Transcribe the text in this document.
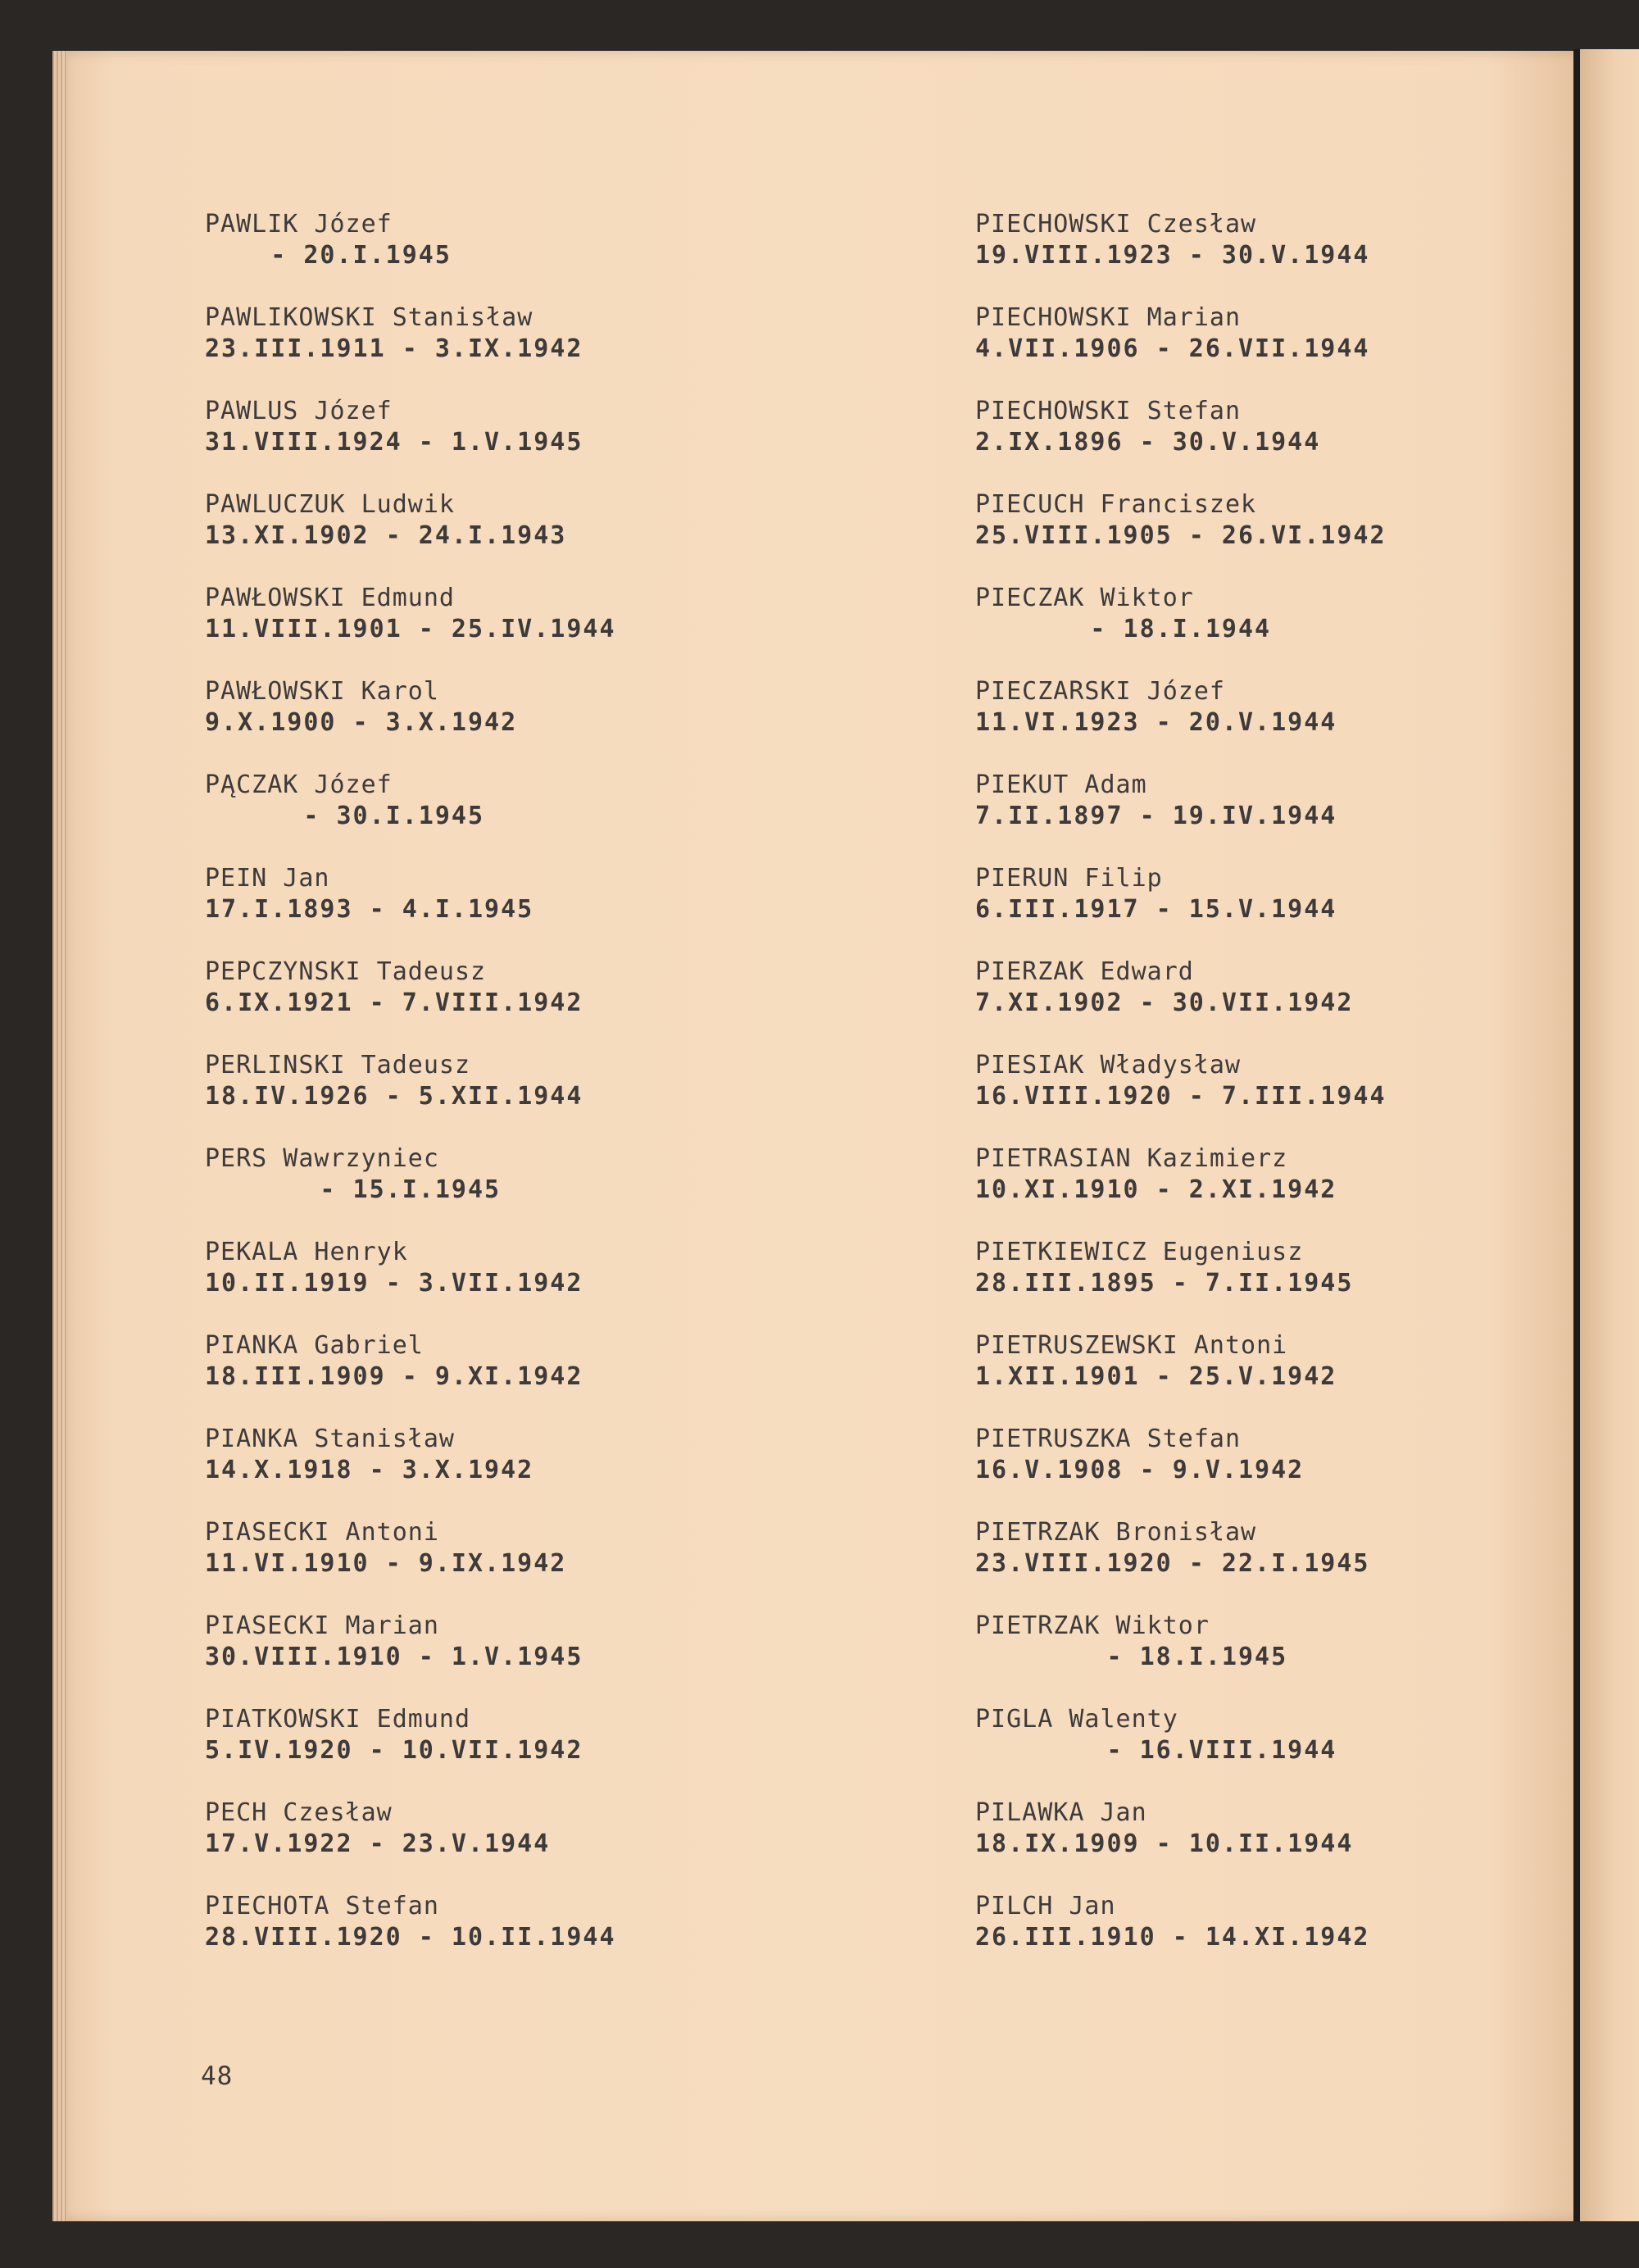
PAWLIK Józef
- 20.I.1945
PAWLIKOWSKI Stanisław
23.III.1911 - 3.IX.1942
PAWLUS Józef
31.VIII.1924 - 1.V.1945
PAWLUCZUK Ludwik
13.XI.1902 - 24.I.1943
PAWŁOWSKI Edmund
11.VIII.1901 - 25.IV.1944
PAWŁOWSKI Karol
9.X.1900 - 3.X.1942
PĄCZAK Józef
- 30.I.1945
PEIN Jan
17.I.1893 - 4.I.1945
PEPCZYNSKI Tadeusz
6.IX.1921 - 7.VIII.1942
PERLINSKI Tadeusz
18.IV.1926 - 5.XII.1944
PERS Wawrzyniec
- 15.I.1945
PEKALA Henryk
10.II.1919 - 3.VII.1942
PIANKA Gabriel
18.III.1909 - 9.XI.1942
PIANKA Stanisław
14.X.1918 - 3.X.1942
PIASECKI Antoni
11.VI.1910 - 9.IX.1942
PIASECKI Marian
30.VIII.1910 - 1.V.1945
PIATKOWSKI Edmund
5.IV.1920 - 10.VII.1942
PECH Czesław
17.V.1922 - 23.V.1944
PIECHOTA Stefan
28.VIII.1920 - 10.II.1944
PIECHOWSKI Czesław
19.VIII.1923 - 30.V.1944
PIECHOWSKI Marian
4.VII.1906 - 26.VII.1944
PIECHOWSKI Stefan
2.IX.1896 - 30.V.1944
PIECUCH Franciszek
25.VIII.1905 - 26.VI.1942
PIECZAK Wiktor
- 18.I.1944
PIECZARSKI Józef
11.VI.1923 - 20.V.1944
PIEKUT Adam
7.II.1897 - 19.IV.1944
PIERUN Filip
6.III.1917 - 15.V.1944
PIERZAK Edward
7.XI.1902 - 30.VII.1942
PIESIAK Władysław
16.VIII.1920 - 7.III.1944
PIETRASIAN Kazimierz
10.XI.1910 - 2.XI.1942
PIETKIEWICZ Eugeniusz
28.III.1895 - 7.II.1945
PIETRUSZEWSKI Antoni
1.XII.1901 - 25.V.1942
PIETRUSZKA Stefan
16.V.1908 - 9.V.1942
PIETRZAK Bronisław
23.VIII.1920 - 22.I.1945
PIETRZAK Wiktor
- 18.I.1945
PIGLA Walenty
- 16.VIII.1944
PILAWKA Jan
18.IX.1909 - 10.II.1944
PILCH Jan
26.III.1910 - 14.XI.1942
48
